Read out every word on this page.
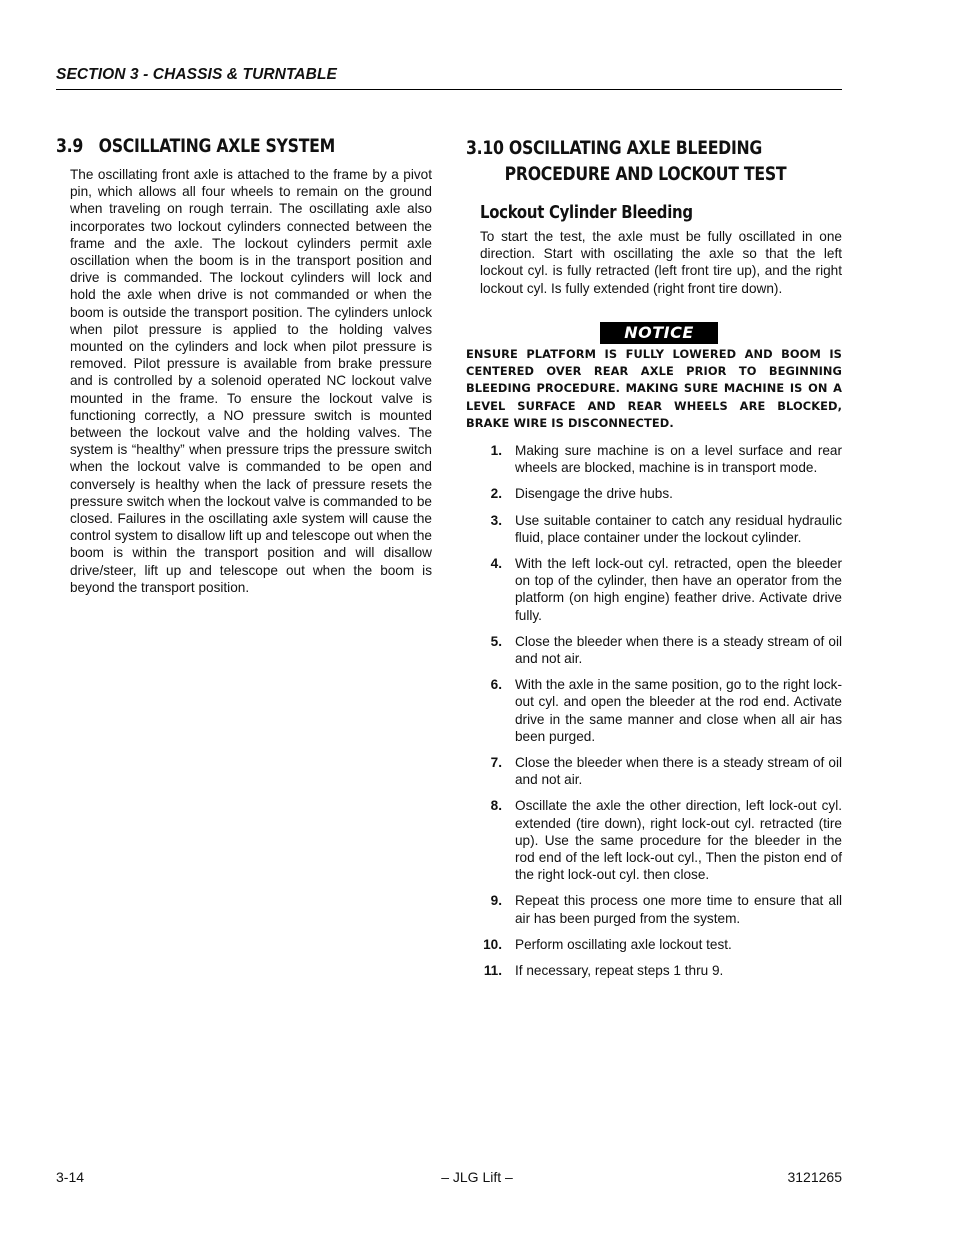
SECTION 3 - CHASSIS & TURNTABLE
3.9   OSCILLATING AXLE SYSTEM

The oscillating front axle is attached to the frame by a pivot pin, which allows all four wheels to remain on the ground when traveling on rough terrain. The oscillating axle also incorporates two lockout cylinders connected between the frame and the axle. The lockout cylinders permit axle oscillation when the boom is in the transport position and drive is commanded. The lockout cylinders will lock and hold the axle when drive is not commanded or when the boom is outside the transport position. The cylinders unlock when pilot pressure is applied to the holding valves mounted on the cylinders and lock when pilot pressure is removed. Pilot pressure is available from brake pressure and is controlled by a solenoid operated NC lockout valve mounted in the frame. To ensure the lockout valve is functioning correctly, a NO pressure switch is mounted between the lockout valve and the holding valves. The system is “healthy” when pressure trips the pressure switch when the lockout valve is commanded to be open and conversely is healthy when the lack of pressure resets the pressure switch when the lockout valve is commanded to be closed. Failures in the oscillating axle system will cause the control system to disallow lift up and telescope out when the boom is within the transport position and will disallow drive/steer, lift up and telescope out when the boom is beyond the transport position.

3.10 OSCILLATING AXLE BLEEDING
PROCEDURE AND LOCKOUT TEST
Lockout Cylinder Bleeding

To start the test, the axle must be fully oscillated in one direction. Start with oscillating the axle so that the left lockout cyl. is fully retracted (left front tire up), and the right lockout cyl. Is fully extended (right front tire down).

NOTICE

ENSURE PLATFORM IS FULLY LOWERED AND BOOM IS CENTERED OVER REAR AXLE PRIOR TO BEGINNING BLEEDING PROCEDURE. MAKING SURE MACHINE IS ON A LEVEL SURFACE AND REAR WHEELS ARE BLOCKED, BRAKE WIRE IS DISCONNECTED.

1. Making sure machine is on a level surface and rear wheels are blocked, machine is in transport mode.
2. Disengage the drive hubs.
3. Use suitable container to catch any residual hydraulic fluid, place container under the lockout cylinder.
4. With the left lock-out cyl. retracted, open the bleeder on top of the cylinder, then have an operator from the platform (on high engine) feather drive. Activate drive fully.
5. Close the bleeder when there is a steady stream of oil and not air.
6. With the axle in the same position, go to the right lock-out cyl. and open the bleeder at the rod end. Activate drive in the same manner and close when all air has been purged.
7. Close the bleeder when there is a steady stream of oil and not air.
8. Oscillate the axle the other direction, left lock-out cyl. extended (tire down), right lock-out cyl. retracted (tire up). Use the same procedure for the bleeder in the rod end of the left lock-out cyl., Then the piston end of the right lock-out cyl. then close.
9. Repeat this process one more time to ensure that all air has been purged from the system.
10. Perform oscillating axle lockout test.
11. If necessary, repeat steps 1 thru 9.
3-14	– JLG Lift –	3121265
